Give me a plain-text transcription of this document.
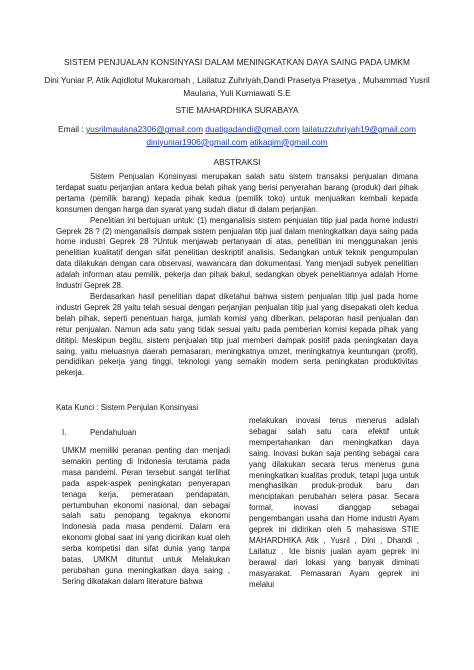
SISTEM PENJUALAN KONSINYASI DALAM MENINGKATKAN DAYA SAING PADA UMKM
Dini Yuniar P, Atik Aqidlotul Mukaromah , Lailatuz Zuhriyah,Dandi Prasetya Prasetya , Muhammad Yusril Maulana, Yuli Kurniawati S.E
STIE MAHARDHIKA SURABAYA
Email : yusrilmaulana2306@gmail.com duatigadandi@gmail.com lailatuzzuhriyah19@gmail.com
diniyuniar1906@gmail.com atikaqim@gmail.com
ABSTRAKSI

Sistem Penjualan Konsinyasi merupakan salah satu sistem transaksi penjualan dimana terdapat suatu perjanjian antara kedua belah pihak yang berisi penyerahan barang (produk) dari pihak pertama (pemilik barang) kepada pihak kedua (pemilik toko) untuk menjualkan kembali kepada konsumen dengan harga dan syarat yang sudah diatur di dalam perjanjian.

Penelitian ini bertujuan untuk: (1) menganalisis sistem penjualan titip jual pada home industri Geprek 28 ? (2) menganalisis dampak sistem penjualan titip jual dalam meningkatkan daya saing pada home industri Geprek 28 ?Untuk menjawab pertanyaan di atas, penelitian ini menggunakan jenis penelitian kualitatif dengan sifat penelitian deskriptif analisis. Sedangkan untuk teknik pengumpulan data dilakukan dengan cara observasi, wawancara dan dokumentasi. Yang menjadi subyek penelitian adalah informan atau pemilik, pekerja dan pihak bakul, sedangkan obyek penelitiannya adalah Home Industri Geprek 28.

Berdasarkan hasil penelitian dapat diketahui bahwa sistem penjualan titip jual pada home industri Geprek 28 yaitu telah sesuai dengan perjanjian penjualan titip jual yang disepakati oleh kedua belah pihak, seperti penentuan harga, jumlah komisi yang diberikan, pelaporan hasil penjualan dan retur penjualan. Namun ada satu yang tidak sesuai yaitu pada pemberian komisi kepada pihak yang dititipi. Meskipun begitu, sistem penjualan titip jual memberi dampak positif pada peningkatan daya saing, yaitu meluasnya daerah pemasaran, meningkatnya omzet, meningkatnya keuntungan (profit), pendidikan pekerja yang tinggi, teknologi yang semakin modern serta peningkatan produktivitas pekerja.

Kata Kunci : Sistem Penjulan Konsinyasi
I.	Pendahuluan

UMKM memiliki peranan penting dan menjadi semakin penting di Indonesia terutama pada masa pandemi. Peran tersebut sangat terlihat pada aspek-aspek peningkatan penyerapan tenaga kerja, pemerataan pendapatan, pertumbuhan ekonomi nasional, dan sebagai salah satu penopang tegaknya ekonomi Indonesia pada masa pendemi. Dalam era ekonomi global saat ini yang dicirikan kuat oleh serba kompetisi dan sifat dunia yang tanpa batas, UMKM dituntut untuk Melakukan perubahan guna meningkatkan daya saing , Sering dikatakan dalam literature bahwa

melakukan inovasi terus menerus adalah sebagai salah satu cara efektif untuk mempertahankan dan meningkatkan daya saing. Inovasi bukan saja penting sebagai cara yang dilakukan secara terus menerus guna meningkatkan kualitas produk, tetapi juga untuk menghasilkan produk-produk baru dan menciptakan perubahan selera pasar. Secara formal, inovasi dianggap sebagai pengembangan usaha dan Home industri Ayam geprek ini didirikan oleh 5 mahasiswa STIE MAHARDHIKA Atik , Yusril , Dini , Dhandi , Lailatuz . Ide bisnis jualan ayam geprek ini berawal dari lokasi yang banyak diminati masyarakat. Pemasaran Ayam geprek ini melalui
